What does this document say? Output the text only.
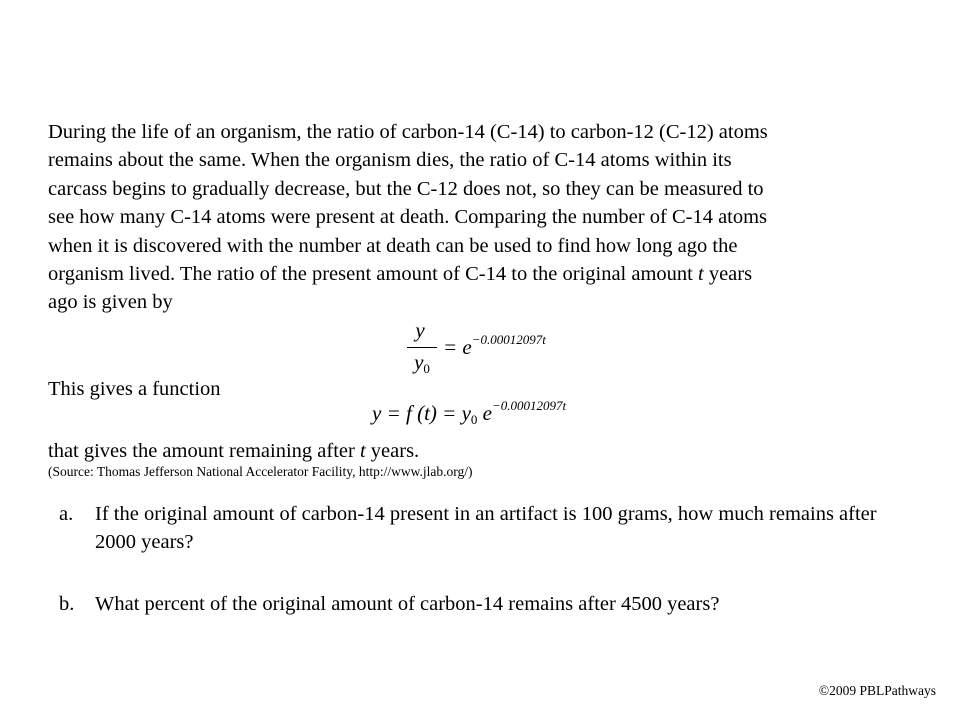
During the life of an organism, the ratio of carbon-14 (C-14) to carbon-12 (C-12) atoms
remains about the same. When the organism dies, the ratio of C-14 atoms within its
carcass begins to gradually decrease, but the C-12 does not, so they can be measured to
see how many C-14 atoms were present at death. Comparing the number of C-14 atoms
when it is discovered with the number at death can be used to find how long ago the
organism lived. The ratio of the present amount of C-14 to the original amount t years
ago is given by

y
$y_0$
= $e^{-0.00012097t}$
This gives a function
y = f $(t) = y_0$ $e^{-0.00012097t}$
that gives the amount remaining after t years.
(Source: Thomas Jefferson National Accelerator Facility, http://www.jlab.org/)
a. If the original amount of carbon-14 present in an artifact is 100 grams, how much remains after 2000 years?
b. What percent of the original amount of carbon-14 remains after 4500 years?
©2009 PBLPathways
